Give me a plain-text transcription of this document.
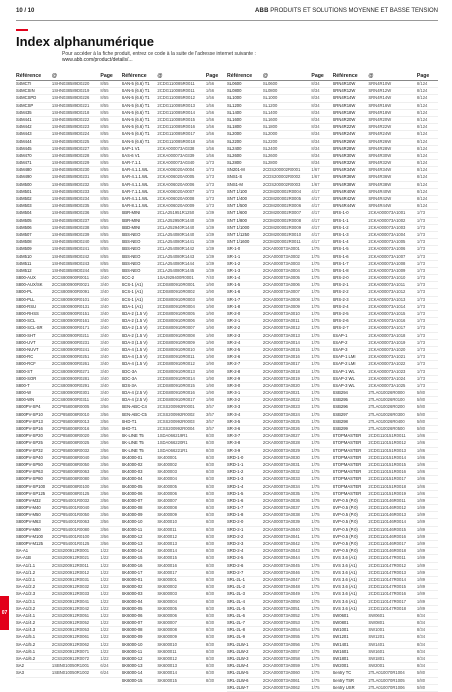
10 / 10	ABB PRODUITS ET SOLUTIONS MOYENNE ET BASSE TENSION
Index alphanumérique
Pour accéder à la fiche produit, entrez ce code à la suite de l'adresse internet suivante :
www.abb.com/product/details/...
Référence	@	Page
S4MCTI	1SHN038589D0220	8/55
S4MCSIN	1SHN038589D0219	8/55
S4MCSPD	1SHN038589D0226	8/55
S4MCSP	1SHN038589D0221	8/55
S4M435	1SHN038589D0218	8/55
S4M441	1SHN038589D0222	8/55
S4M442	1SHN038589D0223	8/55
S4M443	1SHN038589D0224	8/55
S4M444	1SHN038589D0225	8/55
S4M445	1SHN038589D0227	8/55
S4M470	1SHN038589D0228	8/55
S4M471	1SHN038589D0229	8/55
S4M480	1SHN038589D0230	8/55
S4M490	1SHN038589D0231	8/55
S4M500	1SHN038589D0232	8/55
S4M501	1SHN038589D0233	8/55
S4M502	1SHN038589D0234	8/55
S4M503	1SHN038589D0235	8/55
S4M504	1SHN038589D0236	8/55
S4M505	1SHN038589D0237	8/55
S4M506	1SHN038589D0238	8/55
S4M507	1SHN038589D0239	8/55
S4M508	1SHN038589D0240	8/55
S4M509	1SHN038589D0241	8/55
S4M510	1SHN038589D0242	8/55
S4M511	1SHN038589D0243	8/55
S4M512	1SHN038589D0244	8/55
S800-AUX	2CCS800900R0011	3/40
S800-AUX/SK	2CCS800900R0021	3/40
S800-PL	2CCS800900R0091	3/40
S800-PLL	2CCS800900R0101	3/40
S800-RSU	2CCS800900R0131	3/40
S800-RHSS	2CCS800900R0151	3/40
S800-SCL	2CCS800900R0161	3/40
S800-SCL-SR	2CCS800900R0171	3/40
S800-SHT	2CCS800900R0211	3/40
S800-UVT	2CCS800900R0231	3/40
S800-NUVT	2CCS800900R0241	3/40
S800-RC	2CCS800900R0251	3/40
S800-RCF	2CCS800900R0261	3/40
S800-ST	2CCS800900R0271	3/40
S800-SOR	2CCS800900R0281	3/40
S800-T	2CCS800900R0291	3/40
S800-W	2CCS800900R0301	3/40
S800-WN	2CCS800900R0311	3/40
S800PV-SP4	2CCP858008R0005	3/56
S800PV-SP10	2CCP858008R0010	3/56
S800PV-SP13	2CCP858008R0013	3/56
S800PV-SP16	2CCP858008R0016	3/56
S800PV-SP20	2CCP858008R0020	3/56
S800PV-SP25	2CCP858008R0025	3/56
S800PV-SP32	2CCP858008R0032	3/56
S800PV-SP40	2CCP858008R0040	3/56
S800PV-SP50	2CCP858008R0050	3/56
S800PV-SP63	2CCP858008R0063	3/56
S800PV-SP80	2CCP858008R0080	3/56
S800PV-SP100	2CCP858008R0100	3/56
S800PV-SP125	2CCP858008R0125	3/56
S800PV-M32	2CCP854001R0032	3/56
S800PV-M40	2CCP854001R0040	3/56
S800PV-M50	2CCP854001R0050	3/56
S800PV-M63	2CCP854001R0063	3/56
S800PV-M80	2CCP854001R0080	3/56
S800PV-M100	2CCP854001R0100	3/56
S800PV-M125	2CCP854001R0125	3/56
SA-A1	2CSS200912R0001	1/22
SA-A1B	2CSS200912R0021	1/22
SA-A1/1.1	2CSS200912R0011	1/22
SA-A1/1.2	2CSS200912R0012	1/22
SA-A1/2.1	2CSS200912R0031	1/22
SA-A1/2.2	2CSS200912R0032	1/22
SA-A1/2.3	2CSS200912R0033	1/22
SA-A1/3.1	2CSS200912R0041	1/22
SA-A1/3.2	2CSS200912R0042	1/22
SA-A1/4.1	2CSS200912R0051	1/22
SA-A1/4.2	2CSS200912R0052	1/22
SA-A1/4.3	2CSS200912R0053	1/22
SA-A1/5.1	2CSS200912R0061	1/22
SA-A1/5.2	2CSS200912R0062	1/22
SA-A1/6.1	2CSS200912R0071	1/22
SA-A1/6.2	2CSS200912R0072	1/22
SA2	1SBN010050R1001	6/24
SA3	1SBN010050R1002	6/24
Référence	@	Page
SAN-5 (6.6) T1	2CDG110085R0011	1/56
SAN-5 (6.6) T1	2CDG110085R0011	1/56
SAN-5 (6.6) T1	2CDG110085R0012	1/56
SAN-5 (6.6) T1	2CDG110085R0013	1/56
SAN-5 (6.6) T1	2CDG110085R0014	1/56
SAN-5 (6.6) T1	2CDG110085R0015	1/56
SAN-5 (6.6) T1	2CDG110085R0016	1/56
SAN-5 (6.6) T1	2CDG110085R0017	1/56
SAN-5 (6.6) T1	2CDG110085R0018	1/56
SAP-1 V1	2CKA000073A0338	1/56
SAS-6 V1	2CKA000073A0339	1/56
SAR-7.1.1	2CKA000073A0340	1/73
SAR-4.1.1.WL	2CKA006020A0004	1/73
SAR-4.1.1.WL	2CKA006020A0005	1/73
SAR-4.1.1.WL	2CKA006020A0006	1/73
SAR-7.1.1.WL	2CKA006020A0007	1/73
SAR-4.1.1.WL	2CKA006020A0008	1/73
SAR-8.1.1.WL	2CKA006020A0009	1/73
SBR-MINI	2CLA251951R1250	1/39
SBR-MINI	2CLA252950R1440	1/39
SBD-MINI	2CLA252940R1440	1/39
SBS-NEO	2CLA254080R1440	1/39
SBS-NEO	2CLA254080R1441	1/39
SBS-NEO	2CLA254080R1442	1/39
SBS-NEO	2CLA254080R1443	1/39
SBS-NEO	2CLA254080R1444	1/39
SBS-NEO	2CLA254080R1445	1/39
SCC-2	1SAJ929400R0001	7/40
SCS-1 (A1)	2CDS800910R0001	1/90
SCS-1 (A1)	2CDS800910R0002	1/90
SCS-1 (A1)	2CDS800910R0003	1/90
SDA-1 (A1)	2CDS800910R0004	1/90
SDA-2 (1.5 V)	2CDS800910R0005	1/90
SDA-2 (1.5 V)	2CDS800910R0006	1/90
SDA-2 (1.5 V)	2CDS800910R0007	1/90
SDA-2 (1.5 V)	2CDS800910R0008	1/90
SDA-3 (1.5 V)	2CDS800910R0009	1/90
SDA-4 (1.5 V)	2CDS800910R0010	1/90
SDA-4 (1.5 V)	2CDS800910R0011	1/90
SDA-4 (1.5 V)	2CDS800910R0012	1/90
SDC-3A	2CDS800910R0013	1/90
SDC-3A	2CDS800910R0014	1/90
SDS-3A	2CDS800910R0015	1/90
SDA-4 (2.5 V)	2CDS800910R0016	1/90
SDA-4 (2.5 V)	2CDS800910R0017	1/90
SEN-ABC-C4	2CSS200992R0001	3/57
SEN-ABC-C5	2CSS200992R0002	3/57
SHD-T1	2CSS200992R0003	3/57
SHD-T1	2CSS200992R0004	3/57
SK-LINE T5	1SDA066219R1	8/30
SK-LINE T5	1SDA066220R1	8/30
SK-LINE T5	1SDA066221R1	8/30
SK4000-01	SK400001	8/30
SK4000-02	SK400002	8/30
SK4000-03	SK400003	8/30
SK4000-04	SK400004	8/30
SK4000-05	SK400005	8/30
SK4000-06	SK400006	8/30
SK4000-07	SK400007	8/30
SK4000-08	SK400008	8/30
SK4000-09	SK400009	8/30
SK4000-10	SK400010	8/30
SK4000-11	SK400011	8/30
SK4000-12	SK400012	8/30
SK4000-13	SK400013	8/30
SK4000-14	SK400014	8/30
SK4000-15	SK400015	8/30
SK4000-16	SK400016	8/30
SK4000-17	SK400017	8/30
SK6000-01	SK600001	8/30
SK6000-02	SK600002	8/30
SK6000-03	SK600003	8/30
SK6000-04	SK600004	8/30
SK6000-05	SK600005	8/30
SK6000-06	SK600006	8/30
SK6000-07	SK600007	8/30
SK6000-08	SK600008	8/30
SK6000-09	SK600009	8/30
SK6000-10	SK600010	8/30
SK6000-11	SK600011	8/30
SK6000-12	SK600012	8/30
SK6000-13	SK600013	8/30
SK6000-14	SK600014	8/30
SK6000-15	SK600015	8/30
Référence	@	Page
SL0600	SL0600	8/34
SL0800	SL0800	8/34
SL1000	SL1000	8/34
SL1200	SL1200	8/34
SL1400	SL1400	8/34
SL1600	SL1600	8/34
SL1800	SL1800	8/34
SL2000	SL2000	8/34
SL2200	SL2200	8/34
SL2400	SL2400	8/34
SL2600	SL2600	8/34
SL2800	SL2800	8/34
SN201-M	2CDS200002R0001	1/67
SNS1-S	2CDS200002R0002	1/67
SNS1-M	2CDS200002R0003	1/67
SNT 1/100	2CDM200002R0004	4/17
SNT 1/400	2CDM200002R0005	4/17
SNT 1/500	2CDM200002R0006	4/17
SNT 1/600	2CDM200002R0007	4/17
SNT 1/800	2CDM200002R0008	4/17
SNT 1/1000	2CDM200002R0009	4/17
SNT 1/1250	2CDM200002R0010	4/17
SNT 1/1600	2CDM200002R0011	4/17
SR-1-0	2CKA000073A0001	1/75
SR-1-1	2CKA000073A0002	1/75
SR-1-2	2CKA000073A0003	1/75
SR-1-3	2CKA000073A0004	1/75
SR-1-4	2CKA000073A0005	1/75
SR-1-5	2CKA000073A0006	1/75
SR-1-6	2CKA000073A0007	1/75
SR-1-7	2CKA000073A0008	1/75
SR-1-8	2CKA000073A0009	1/75
SR-2-0	2CKA000073A0010	1/75
SR-2-1	2CKA000073A0011	1/75
SR-2-2	2CKA000073A0012	1/75
SR-2-3	2CKA000073A0013	1/75
SR-2-4	2CKA000073A0014	1/75
SR-2-5	2CKA000073A0015	1/75
SR-2-6	2CKA000073A0016	1/75
SR-2-7	2CKA000073A0017	1/75
SR-2-8	2CKA000073A0018	1/75
SR-2-9	2CKA000073A0019	1/75
SR-3-0	2CKA000073A0020	1/75
SR-3-1	2CKA000073A0021	1/75
SR-3-2	2CKA000073A0022	1/75
SR-3-3	2CKA000073A0023	1/75
SR-3-4	2CKA000073A0024	1/75
SR-3-5	2CKA000073A0025	1/75
SR-3-6	2CKA000073A0026	1/75
SR-3-7	2CKA000073A0027	1/75
SR-3-8	2CKA000073A0028	1/75
SR-3-9	2CKA000073A0029	1/75
SRD-1-0	2CKA000073A0030	1/75
SRD-1-1	2CKA000073A0031	1/75
SRD-1-2	2CKA000073A0032	1/75
SRD-1-3	2CKA000073A0033	1/75
SRD-1-4	2CKA000073A0034	1/75
SRD-1-5	2CKA000073A0035	1/75
SRD-1-6	2CKA000073A0036	1/75
SRD-1-7	2CKA000073A0037	1/75
SRD-1-8	2CKA000073A0038	1/75
SRD-2-0	2CKA000073A0039	1/75
SRD-2-1	2CKA000073A0040	1/75
SRD-2-2	2CKA000073A0041	1/75
SRD-2-3	2CKA000073A0042	1/75
SRD-2-4	2CKA000073A0043	1/75
SRD-2-5	2CKA000073A0044	1/75
SRD-2-6	2CKA000073A0045	1/75
SRD-2-7	2CKA000073A0046	1/75
SRL-2L-1	2CKA000073A0047	1/75
SRL-2L-2	2CKA000073A0048	1/75
SRL-2L-3	2CKA000073A0049	1/75
SRL-2L-4	2CKA000073A0050	1/75
SRL-2L-5	2CKA000073A0051	1/75
SRL-2L-6	2CKA000073A0052	1/75
SRL-2L-7	2CKA000073A0053	1/75
SRL-2L-8	2CKA000073A0054	1/75
SRL-2L-9	2CKA000073A0055	1/75
SRL-2LW-1	2CKA000073A0056	1/75
SRL-2LW-2	2CKA000073A0057	1/75
SRL-2LW-3	2CKA000073A0058	1/75
SRL-2LW-4	2CKA000073A0059	1/75
SRL-2LW-5	2CKA000073A0060	1/75
SRL-2LW-6	2CKA000073A0061	1/75
SRL-2LW-7	2CKA000073A0062	1/75
Référence	@	Page
SRN4R10W	SRN4R10W	8/124
SRN4R12W	SRN4R12W	8/124
SRN4R14W	SRN4R14W	8/124
SRN4R16W	SRN4R16W	8/124
SRN4R18W	SRN4R18W	8/124
SRN4R20W	SRN4R20W	8/124
SRN4R22W	SRN4R22W	8/124
SRN4R24W	SRN4R24W	8/124
SRN4R26W	SRN4R26W	8/124
SRN4R28W	SRN4R28W	8/124
SRN4R30W	SRN4R30W	8/124
SRN4R32W	SRN4R32W	8/124
SRN4R34W	SRN4R34W	8/124
SRN4R36W	SRN4R36W	8/124
SRN4R38W	SRN4R38W	8/124
SRN4R40W	SRN4R40W	8/124
SRN4R42W	SRN4R42W	8/124
SRN4R44W	SRN4R44W	8/124
SRS-1-0	2CKA000073A1001	1/73
SRS-1-1	2CKA000073A1002	1/73
SRS-1-2	2CKA000073A1003	1/73
SRS-1-3	2CKA000073A1004	1/73
SRS-1-4	2CKA000073A1005	1/73
SRS-1-5	2CKA000073A1006	1/73
SRS-1-6	2CKA000073A1007	1/73
SRS-1-7	2CKA000073A1008	1/73
SRS-1-8	2CKA000073A1009	1/73
SRS-2-0	2CKA000073A1010	1/73
SRS-2-1	2CKA000073A1011	1/73
SRS-2-2	2CKA000073A1012	1/73
SRS-2-3	2CKA000073A1013	1/73
SRS-2-4	2CKA000073A1014	1/73
SRS-2-5	2CKA000073A1015	1/73
SRS-2-6	2CKA000073A1016	1/73
SRS-2-7	2CKA000073A1017	1/73
SSAP-1	2CKA000073A1018	1/73
SSAP-2	2CKA000073A1019	1/73
SSAP-3	2CKA000073A1020	1/73
SSAP-1 LMI	2CKA000073A1021	1/73
SSAP-2 LMI	2CKA000073A1022	1/73
SSAP-1 WL	2CKA000073A1023	1/73
SSAP-2 WL	2CKA000073A1024	1/73
SSAP-3 WL	2CKA000073A1025	1/73
SSB294	2TLA010026R0000	5/80
SSB295	2TLA010026R0100	5/80
SSB296	2TLA010026R0200	5/80
SSB297	2TLA010026R0300	5/80
SSB298	2TLA010026R0400	5/80
SSB299	2TLA010026R0500	5/80
STOPMASTER	2CDG110151R0011	1/86
STOPMASTER	2CDG110151R0012	1/86
STOPMASTER	2CDG110151R0013	1/86
STOPMASTER	2CDG110151R0014	1/86
STOPMASTER	2CDG110151R0015	1/86
STOPMASTER	2CDG110151R0016	1/86
STOPMASTER	2CDG110151R0017	1/86
STOPMASTER	2CDG110151R0018	1/86
STOPMASTER	2CDG110151R0019	1/86
SVP-0.5 (P.0)	2CDG110146R0011	1/89
SVP-0.5 (P.0)	2CDG110146R0012	1/89
SVP-0.5 (P.0)	2CDG110146R0013	1/89
SVP-0.5 (P.0)	2CDG110146R0014	1/89
SVP-0.5 (P.0)	2CDG110146R0015	1/89
SVP-0.5 (P.0)	2CDG110146R0016	1/89
SVP-0.5 (P.0)	2CDG110146R0017	1/89
SVP-0.5 (P.0)	2CDG110146R0018	1/89
SVS 3.6 (A1)	2CDG110147R0011	1/89
SVS 3.6 (A1)	2CDG110147R0012	1/89
SVS 3.6 (A1)	2CDG110147R0013	1/89
SVS 3.6 (A1)	2CDG110147R0014	1/89
SVS 3.6 (A1)	2CDG110147R0015	1/89
SVS 3.6 (A1)	2CDG110147R0016	1/89
SVS 3.6 (A1)	2CDG110147R0017	1/89
SVS 3.6 (A1)	2CDG110147R0018	1/89
SW0601	SW0601	8/34
SW0801	SW0801	8/34
SW1001	SW1001	8/34
SW1201	SW1201	8/34
SW1401	SW1401	8/34
SW1601	SW1601	8/34
SW1801	SW1801	8/34
SW2001	SW2001	8/34
Sentry TC	2TLA010070R1004	5/80
Sentry TSR	2TLA010070R1005	5/80
Sentry USR	2TLA010070R1006	5/80
07
